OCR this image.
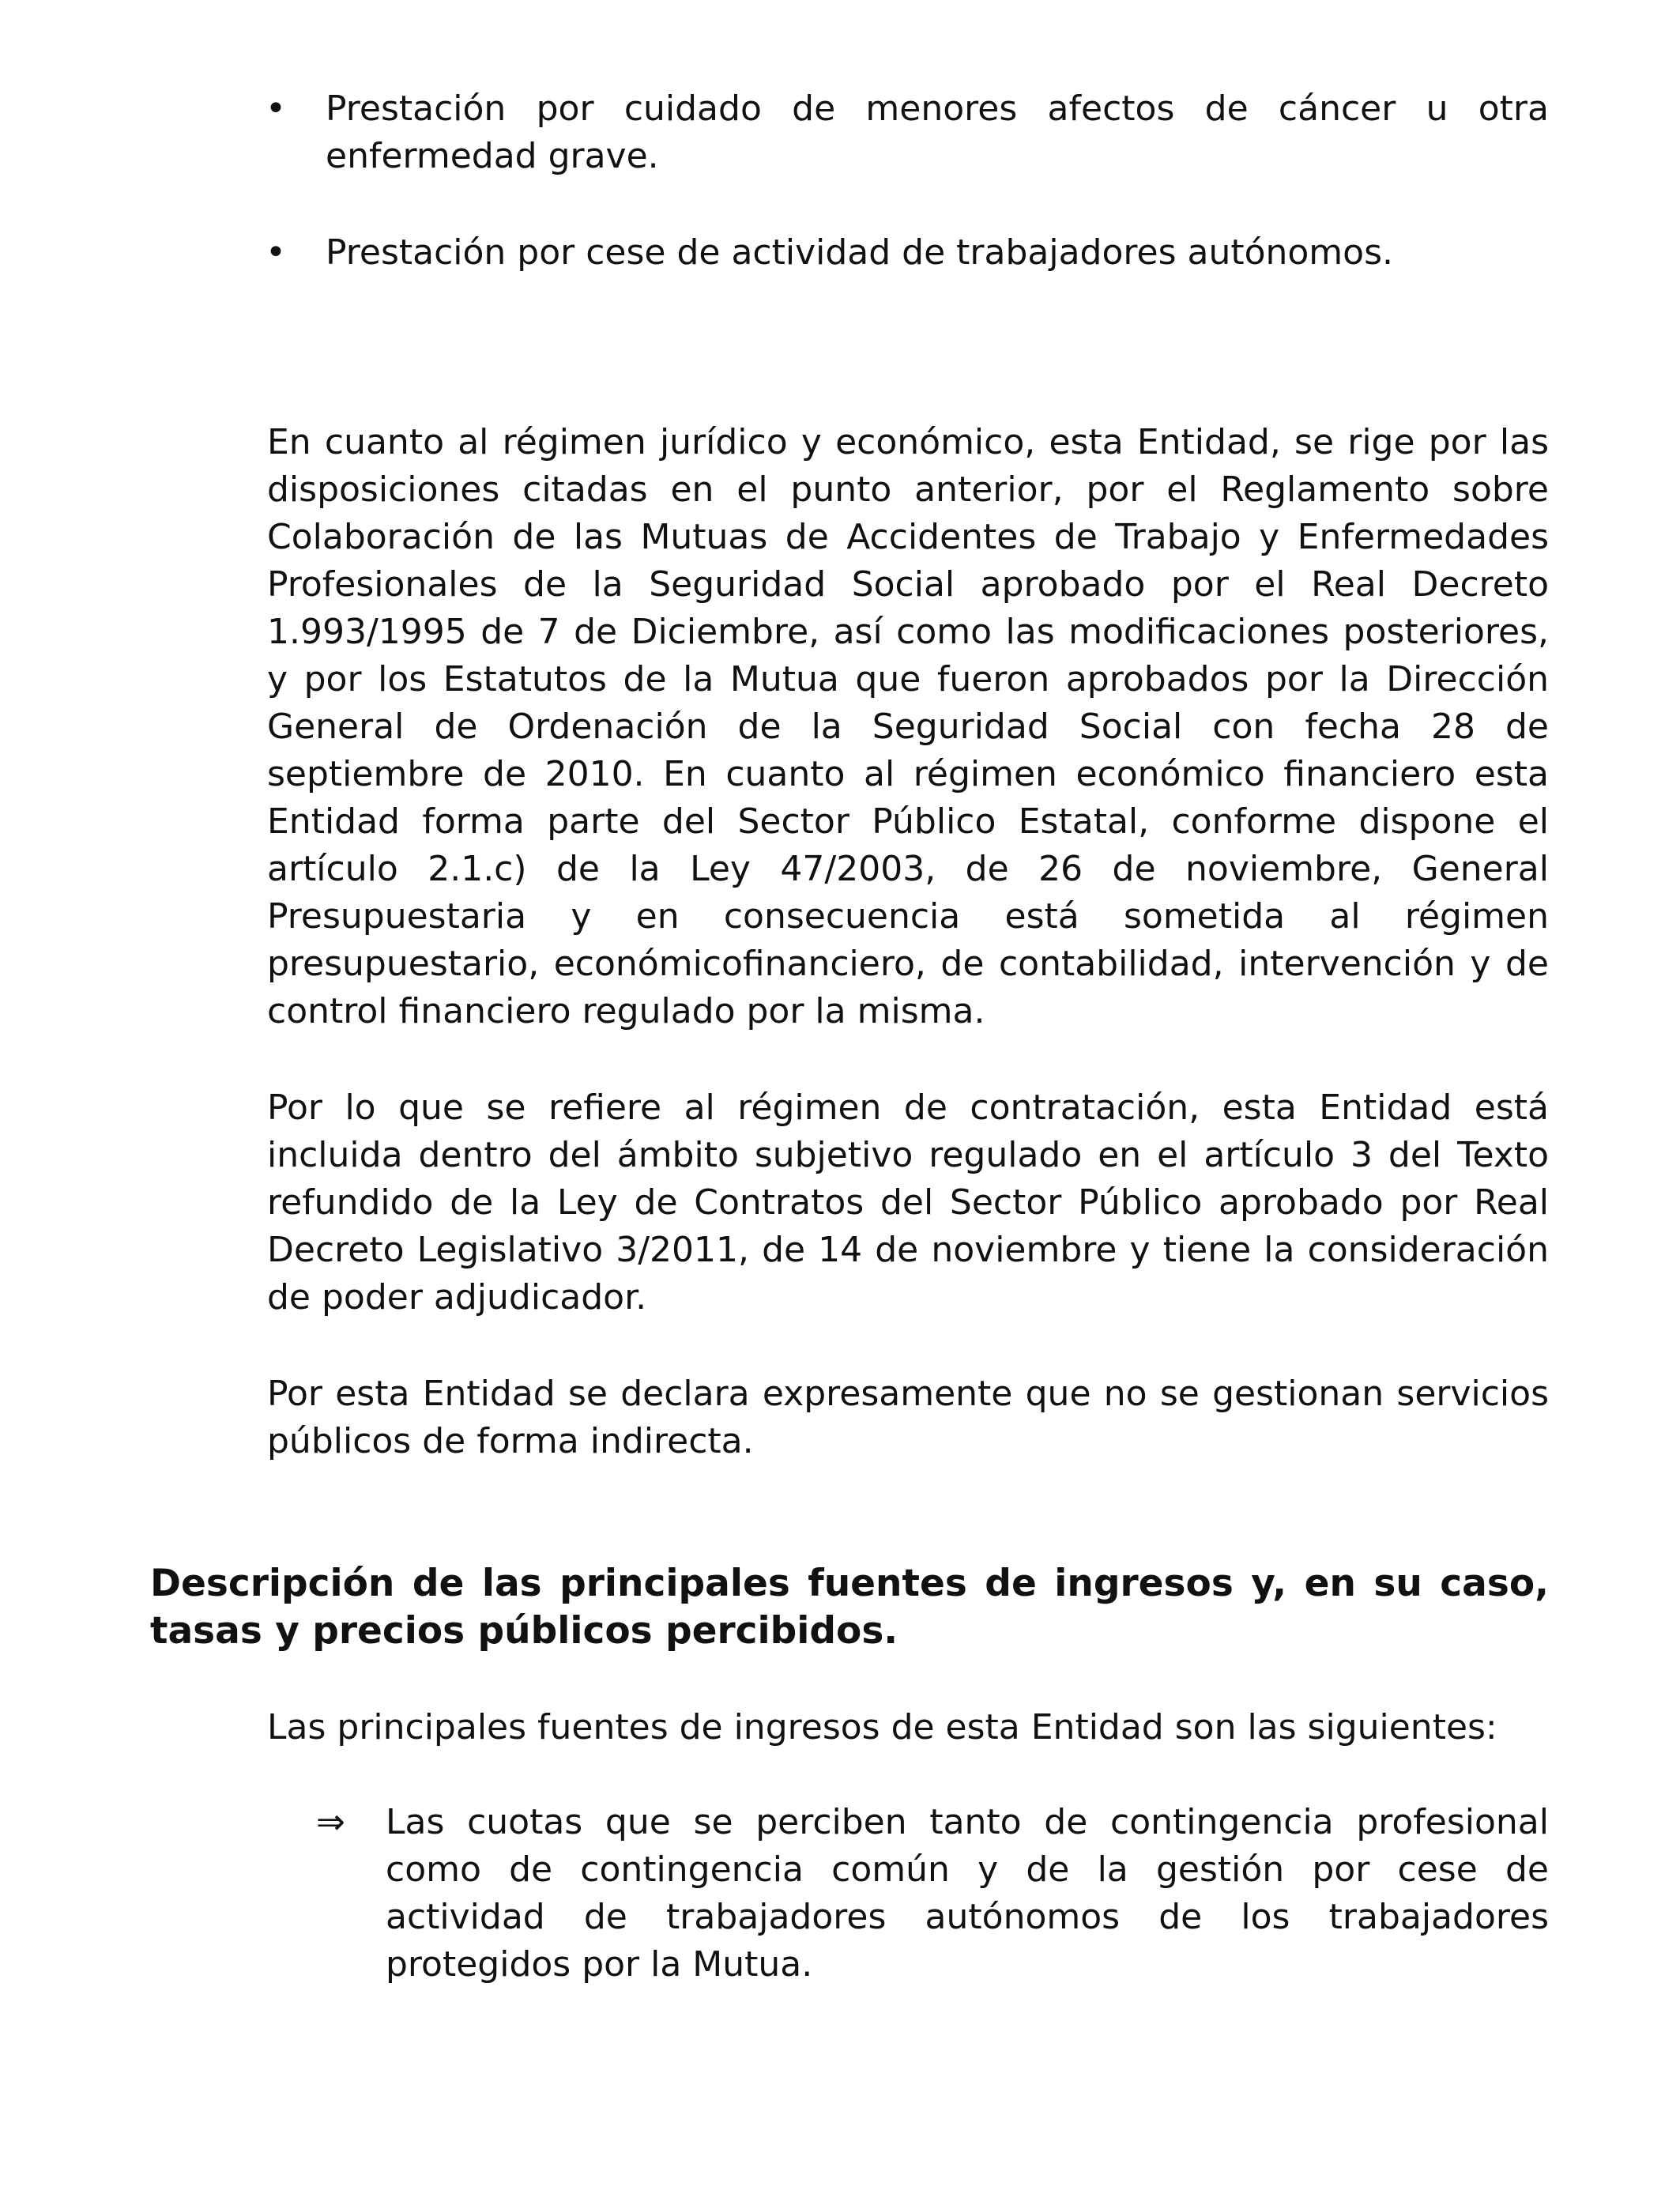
• Prestación por cuidado de menores afectos de cáncer u otra enfermedad grave.
• Prestación por cese de actividad de trabajadores autónomos.
En cuanto al régimen jurídico y económico, esta Entidad, se rige por las disposiciones citadas en el punto anterior, por el Reglamento sobre Colaboración de las Mutuas de Accidentes de Trabajo y Enfermedades Profesionales de la Seguridad Social aprobado por el Real Decreto 1.993/1995 de 7 de Diciembre, así como las modificaciones posteriores, y por los Estatutos de la Mutua que fueron aprobados por la Dirección General de Ordenación de la Seguridad Social con fecha 28 de septiembre de 2010. En cuanto al régimen económico financiero esta Entidad forma parte del Sector Público Estatal, conforme dispone el artículo 2.1.c) de la Ley 47/2003, de 26 de noviembre, General Presupuestaria y en consecuencia está sometida al régimen presupuestario, económicofinanciero, de contabilidad, intervención y de control financiero regulado por la misma.
Por lo que se refiere al régimen de contratación, esta Entidad está incluida dentro del ámbito subjetivo regulado en el artículo 3 del Texto refundido de la Ley de Contratos del Sector Público aprobado por Real Decreto Legislativo 3/2011, de 14 de noviembre y tiene la consideración de poder adjudicador.
Por esta Entidad se declara expresamente que no se gestionan servicios públicos de forma indirecta.
Descripción de las principales fuentes de ingresos y, en su caso, tasas y precios públicos percibidos.
Las principales fuentes de ingresos de esta Entidad son las siguientes:
⇒	Las cuotas que se perciben tanto de contingencia profesional como de contingencia común y de la gestión por cese de actividad de trabajadores autónomos de los trabajadores protegidos por la Mutua.
